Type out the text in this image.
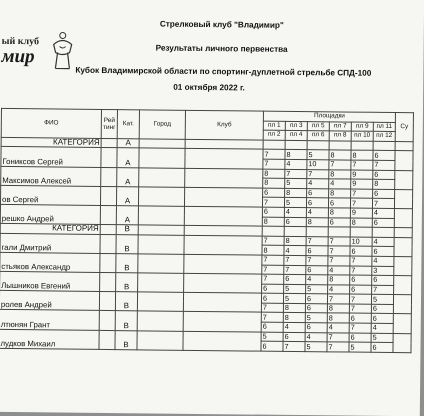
Стрелковый клуб "Владимир"
Результаты личного первенства
Кубок Владимирской области по спортинг-дуплетной стрельбе СПД-100
01 октября 2022 г.
ый клуб
мир
ФИО	Рей тинг	Кат.	Город	Клуб	Площадки						Су
					пл 1	пл 3	пл 5	пл 7	пл 9	пл 11	
					пл 2	пл 4	пл 6	пл 8	пл 10	пл 12	
КАТЕГОРИЯ		А									
Гониксов Сергей		А			7	8	5	8	8	6	
					7	4	10	7	7	7	
Максимов Алексей		А			8	7	7	8	9	6	
					8	5	4	4	9	8	
ов Сергей		А			6	8	6	8	7	6	
					7	5	6	6	7	7	
решко Андрей		А			6	4	4	8	9	4	
					8	6	8	6	8	6	
КАТЕГОРИЯ		В									
гали Дмитрий		В			7	8	7	7	10	4	
					8	4	6	7	6	6	
стьяков Александр		В			7	7	7	7	7	4	
					7	7	6	4	7	3	
Лышников Евгений		В			7	6	4	8	6	6	
					6	5	5	4	6	7	
ролев Андрей		В			6	5	6	7	7	5	
					7	8	6	8	7	6	
лтюнян Грант		В			7	8	5	8	6	6	
					6	4	6	4	7	4	
лудков Михаил		В			5	6	4	7	6	5	
					6	7	5	7	5	6	
